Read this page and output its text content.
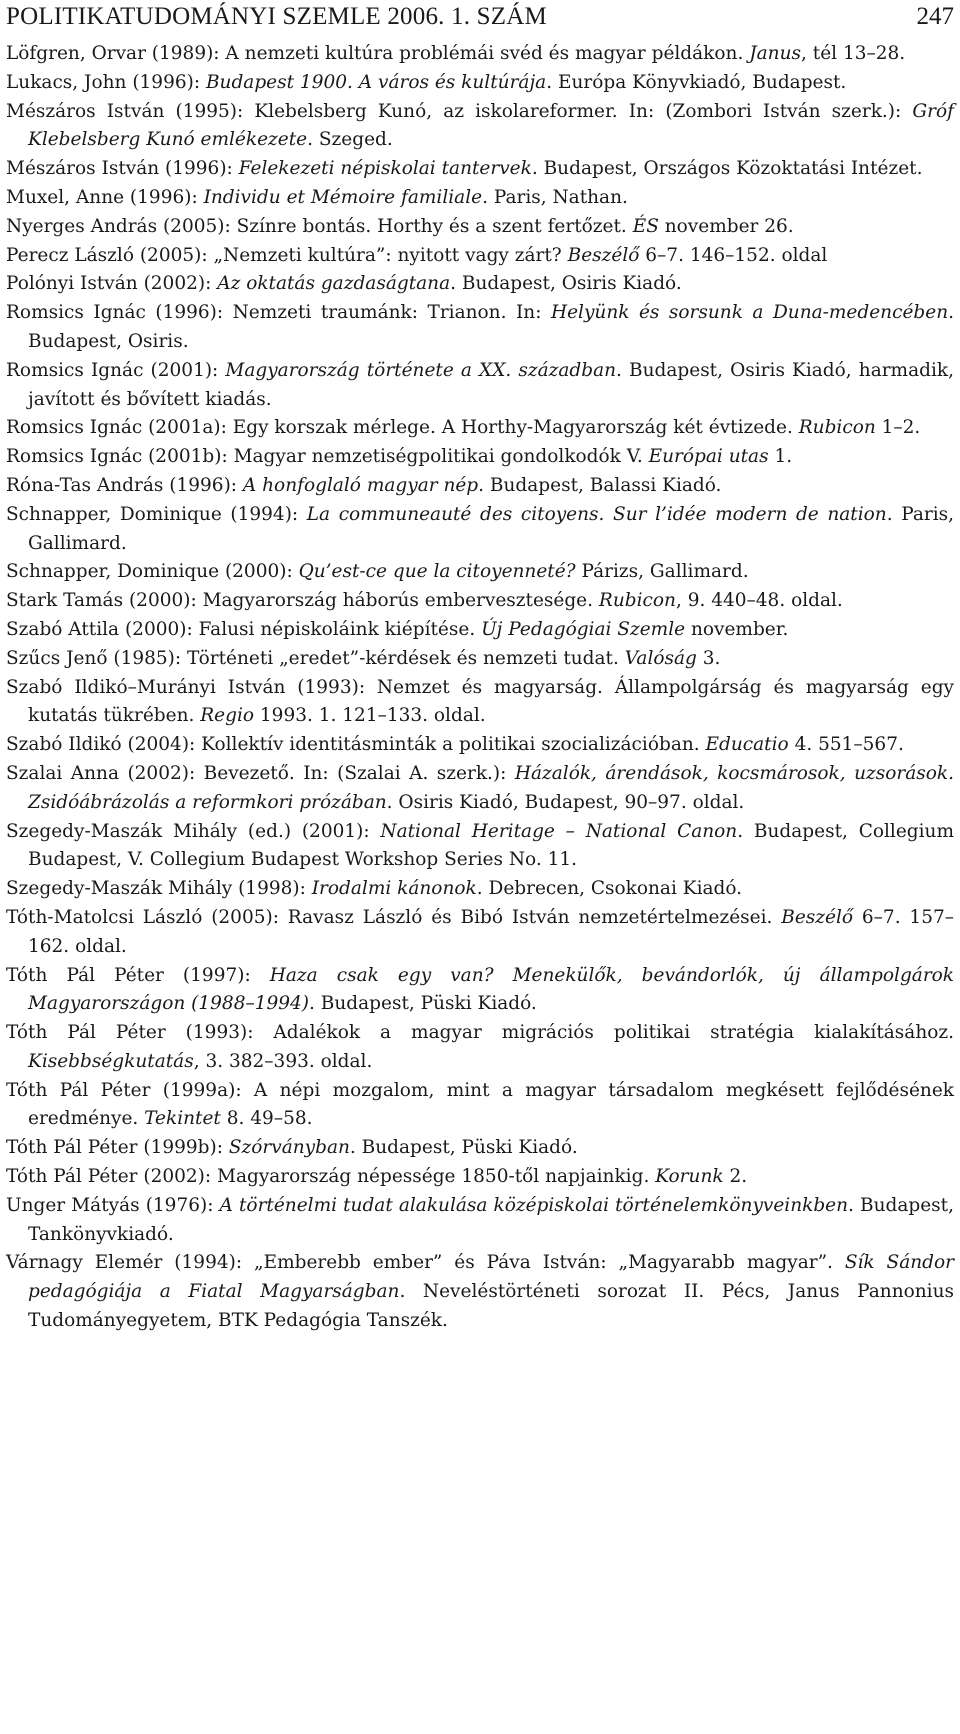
POLITIKATUDOMÁNYI SZEMLE 2006. 1. SZÁM	247
Löfgren, Orvar (1989): A nemzeti kultúra problémái svéd és magyar példákon. Janus, tél 13–28.
Lukacs, John (1996): Budapest 1900. A város és kultúrája. Európa Könyvkiadó, Budapest.
Mészáros István (1995): Klebelsberg Kunó, az iskolareformer. In: (Zombori István szerk.): Gróf Klebelsberg Kunó emlékezete. Szeged.
Mészáros István (1996): Felekezeti népiskolai tantervek. Budapest, Országos Közoktatási Intézet.
Muxel, Anne (1996): Individu et Mémoire familiale. Paris, Nathan.
Nyerges András (2005): Színre bontás. Horthy és a szent fertőzet. ÉS november 26.
Perecz László (2005): „Nemzeti kultúra”: nyitott vagy zárt? Beszélő 6–7. 146–152. oldal
Polónyi István (2002): Az oktatás gazdaságtana. Budapest, Osiris Kiadó.
Romsics Ignác (1996): Nemzeti traumánk: Trianon. In: Helyünk és sorsunk a Duna-medencében. Budapest, Osiris.
Romsics Ignác (2001): Magyarország története a XX. században. Budapest, Osiris Kiadó, harmadik, javított és bővített kiadás.
Romsics Ignác (2001a): Egy korszak mérlege. A Horthy-Magyarország két évtizede. Rubicon 1–2.
Romsics Ignác (2001b): Magyar nemzetiségpolitikai gondolkodók V. Európai utas 1.
Róna-Tas András (1996): A honfoglaló magyar nép. Budapest, Balassi Kiadó.
Schnapper, Dominique (1994): La communeauté des citoyens. Sur l’idée modern de nation. Paris, Gallimard.
Schnapper, Dominique (2000): Qu’est-ce que la citoyenneté? Párizs, Gallimard.
Stark Tamás (2000): Magyarország háborús embervesztesége. Rubicon, 9. 440–48. oldal.
Szabó Attila (2000): Falusi népiskoláink kiépítése. Új Pedagógiai Szemle november.
Szűcs Jenő (1985): Történeti „eredet”-kérdések és nemzeti tudat. Valóság 3.
Szabó Ildikó–Murányi István (1993): Nemzet és magyarság. Állampolgárság és magyarság egy kutatás tükrében. Regio 1993. 1. 121–133. oldal.
Szabó Ildikó (2004): Kollektív identitásminták a politikai szocializációban. Educatio 4. 551–567.
Szalai Anna (2002): Bevezető. In: (Szalai A. szerk.): Házalók, árendások, kocsmárosok, uzsorások. Zsidóábrázolás a reformkori prózában. Osiris Kiadó, Budapest, 90–97. oldal.
Szegedy-Maszák Mihály (ed.) (2001): National Heritage – National Canon. Budapest, Collegium Budapest, V. Collegium Budapest Workshop Series No. 11.
Szegedy-Maszák Mihály (1998): Irodalmi kánonok. Debrecen, Csokonai Kiadó.
Tóth-Matolcsi László (2005): Ravasz László és Bibó István nemzetértelmezései. Beszélő 6–7. 157–162. oldal.
Tóth Pál Péter (1997): Haza csak egy van? Menekülők, bevándorlók, új állampolgárok Magyarországon (1988–1994). Budapest, Püski Kiadó.
Tóth Pál Péter (1993): Adalékok a magyar migrációs politikai stratégia kialakításához. Kisebbségkutatás, 3. 382–393. oldal.
Tóth Pál Péter (1999a): A népi mozgalom, mint a magyar társadalom megkésett fejlődésének eredménye. Tekintet 8. 49–58.
Tóth Pál Péter (1999b): Szórványban. Budapest, Püski Kiadó.
Tóth Pál Péter (2002): Magyarország népessége 1850-től napjainkig. Korunk 2.
Unger Mátyás (1976): A történelmi tudat alakulása középiskolai történelemkönyveinkben. Budapest, Tankönyvkiadó.
Várnagy Elemér (1994): „Emberebb ember” és Páva István: „Magyarabb magyar”. Sík Sándor pedagógiája a Fiatal Magyarságban. Neveléstörténeti sorozat II. Pécs, Janus Pannonius Tudományegyetem, BTK Pedagógia Tanszék.
